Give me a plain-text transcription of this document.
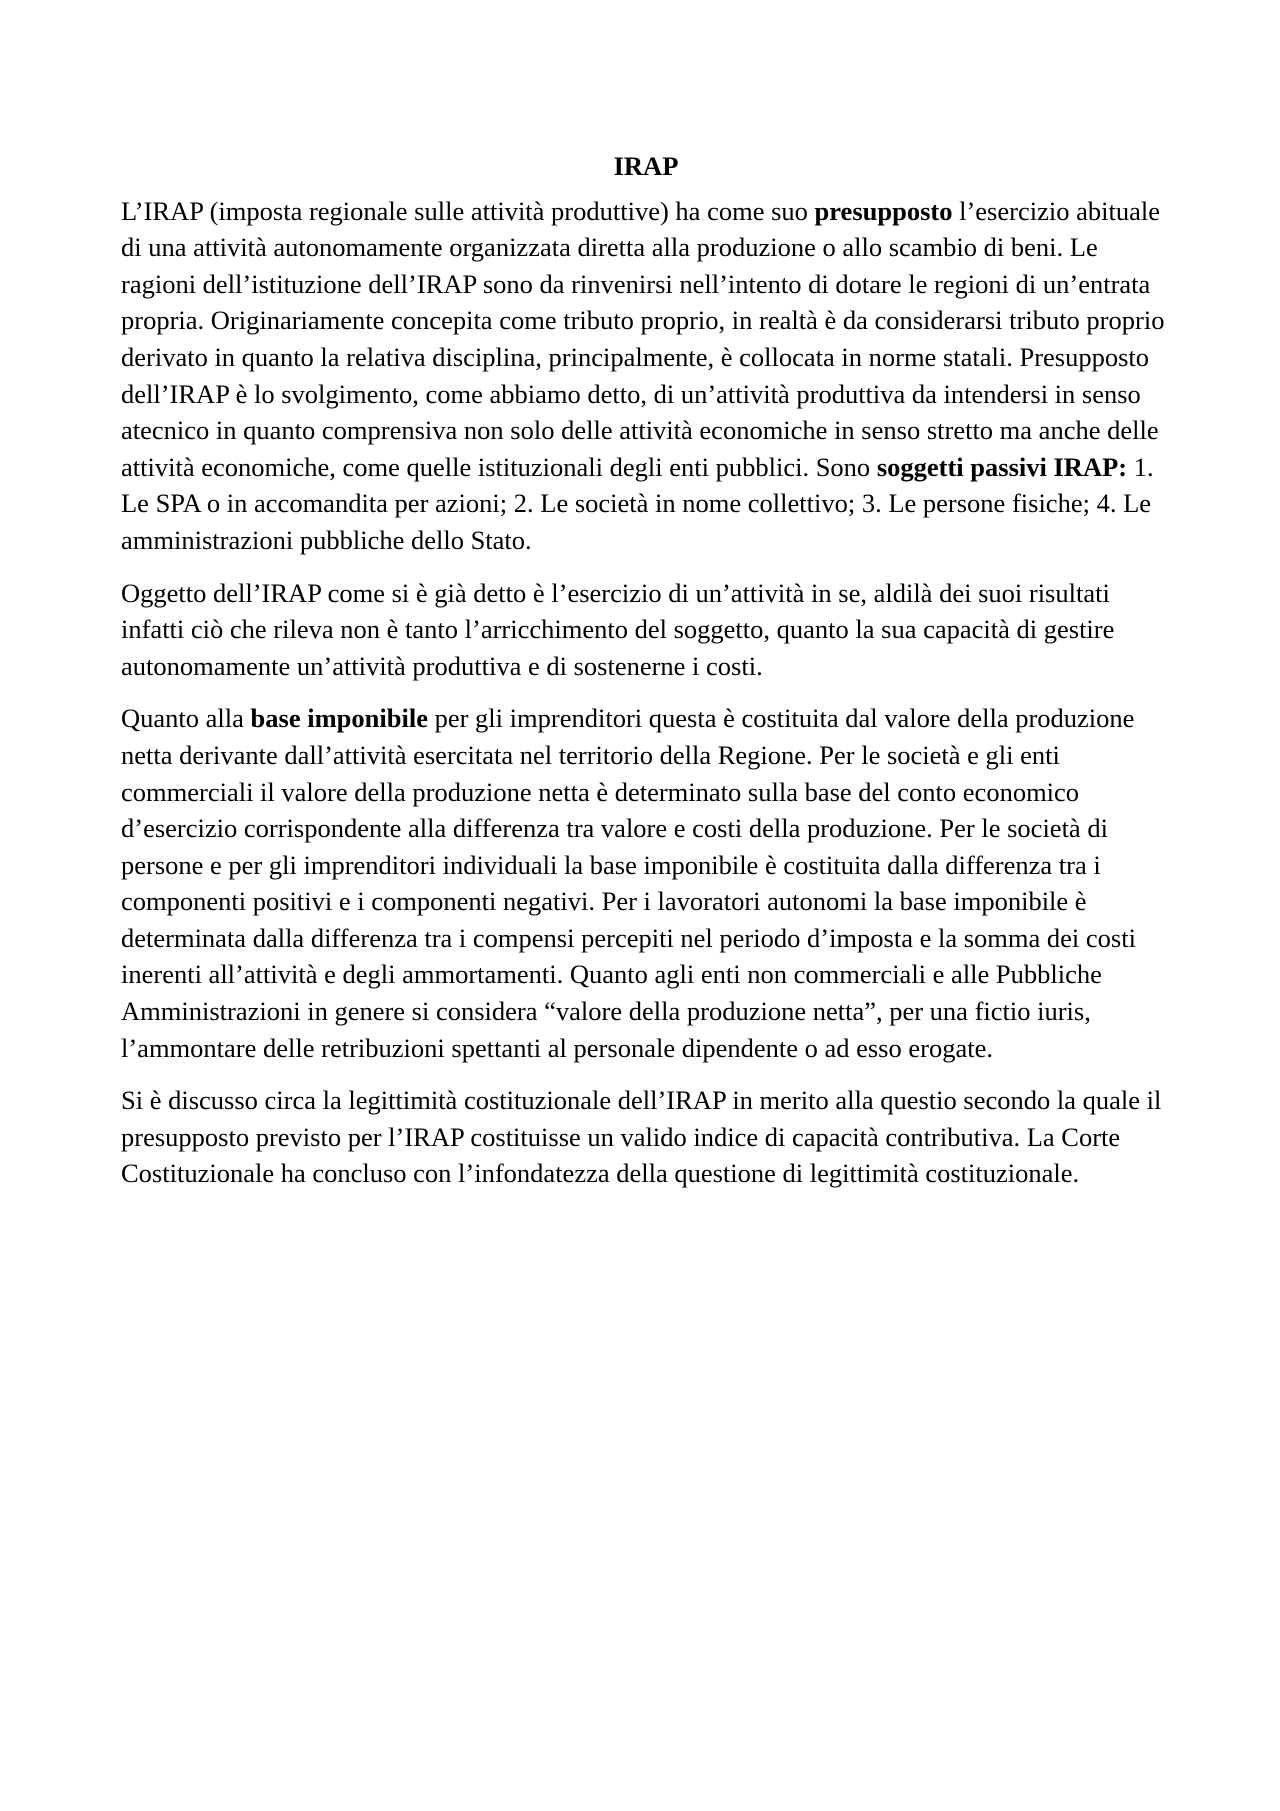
IRAP

L’IRAP (imposta regionale sulle attività produttive) ha come suo presupposto l’esercizio abituale di una attività autonomamente organizzata diretta alla produzione o allo scambio di beni. Le ragioni dell’istituzione dell’IRAP sono da rinvenirsi nell’intento di dotare le regioni di un’entrata propria. Originariamente concepita come tributo proprio, in realtà è da considerarsi tributo proprio derivato in quanto la relativa disciplina, principalmente, è collocata in norme statali. Presupposto dell’IRAP è lo svolgimento, come abbiamo detto, di un’attività produttiva da intendersi in senso atecnico in quanto comprensiva non solo delle attività economiche in senso stretto ma anche delle attività economiche, come quelle istituzionali degli enti pubblici. Sono soggetti passivi IRAP: 1. Le SPA o in accomandita per azioni; 2. Le società in nome collettivo; 3. Le persone fisiche; 4. Le amministrazioni pubbliche dello Stato.

Oggetto dell’IRAP come si è già detto è l’esercizio di un’attività in se, aldilà dei suoi risultati infatti ciò che rileva non è tanto l’arricchimento del soggetto, quanto la sua capacità di gestire autonomamente un’attività produttiva e di sostenerne i costi.

Quanto alla base imponibile per gli imprenditori questa è costituita dal valore della produzione netta derivante dall’attività esercitata nel territorio della Regione. Per le società e gli enti commerciali il valore della produzione netta è determinato sulla base del conto economico d’esercizio corrispondente alla differenza tra valore e costi della produzione. Per le società di persone e per gli imprenditori individuali la base imponibile è costituita dalla differenza tra i componenti positivi e i componenti negativi. Per i lavoratori autonomi la base imponibile è determinata dalla differenza tra i compensi percepiti nel periodo d’imposta e la somma dei costi inerenti all’attività e degli ammortamenti. Quanto agli enti non commerciali e alle Pubbliche Amministrazioni in genere si considera “valore della produzione netta”, per una fictio iuris, l’ammontare delle retribuzioni spettanti al personale dipendente o ad esso erogate.

Si è discusso circa la legittimità costituzionale dell’IRAP in merito alla questio secondo la quale il presupposto previsto per l’IRAP costituisse un valido indice di capacità contributiva. La Corte Costituzionale ha concluso con l’infondatezza della questione di legittimità costituzionale.
